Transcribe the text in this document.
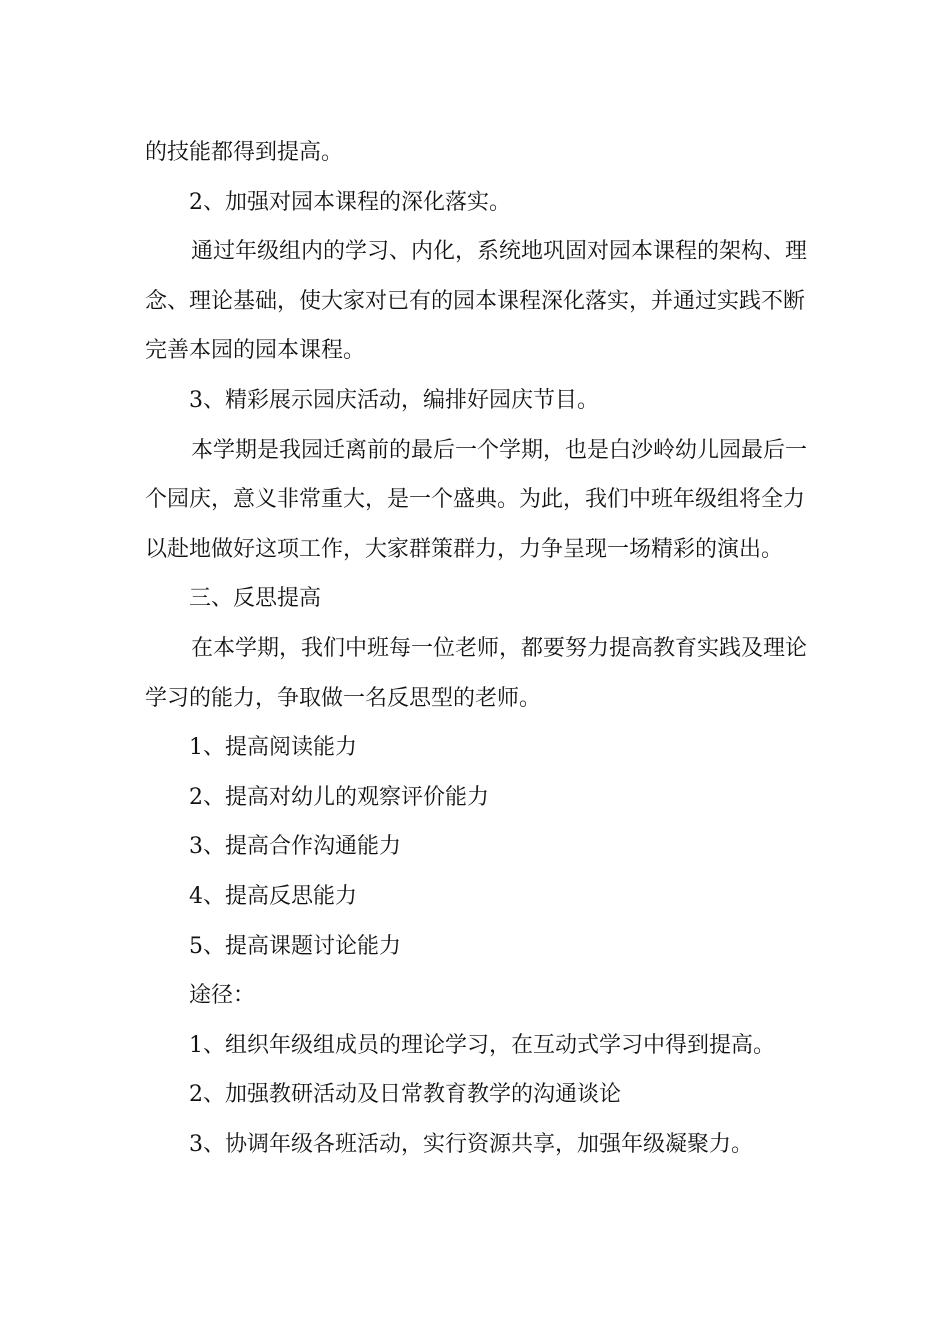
的技能都得到提高。

2、加强对园本课程的深化落实。

通过年级组内的学习、内化，系统地巩固对园本课程的架构、理念、理论基础，使大家对已有的园本课程深化落实，并通过实践不断完善本园的园本课程。

3、精彩展示园庆活动，编排好园庆节目。

本学期是我园迁离前的最后一个学期，也是白沙岭幼儿园最后一个园庆，意义非常重大，是一个盛典。为此，我们中班年级组将全力以赴地做好这项工作，大家群策群力，力争呈现一场精彩的演出。

三、反思提高

在本学期，我们中班每一位老师，都要努力提高教育实践及理论学习的能力，争取做一名反思型的老师。

1、提高阅读能力

2、提高对幼儿的观察评价能力

3、提高合作沟通能力

4、提高反思能力

5、提高课题讨论能力

途径：

1、组织年级组成员的理论学习，在互动式学习中得到提高。

2、加强教研活动及日常教育教学的沟通谈论

3、协调年级各班活动，实行资源共享，加强年级凝聚力。
